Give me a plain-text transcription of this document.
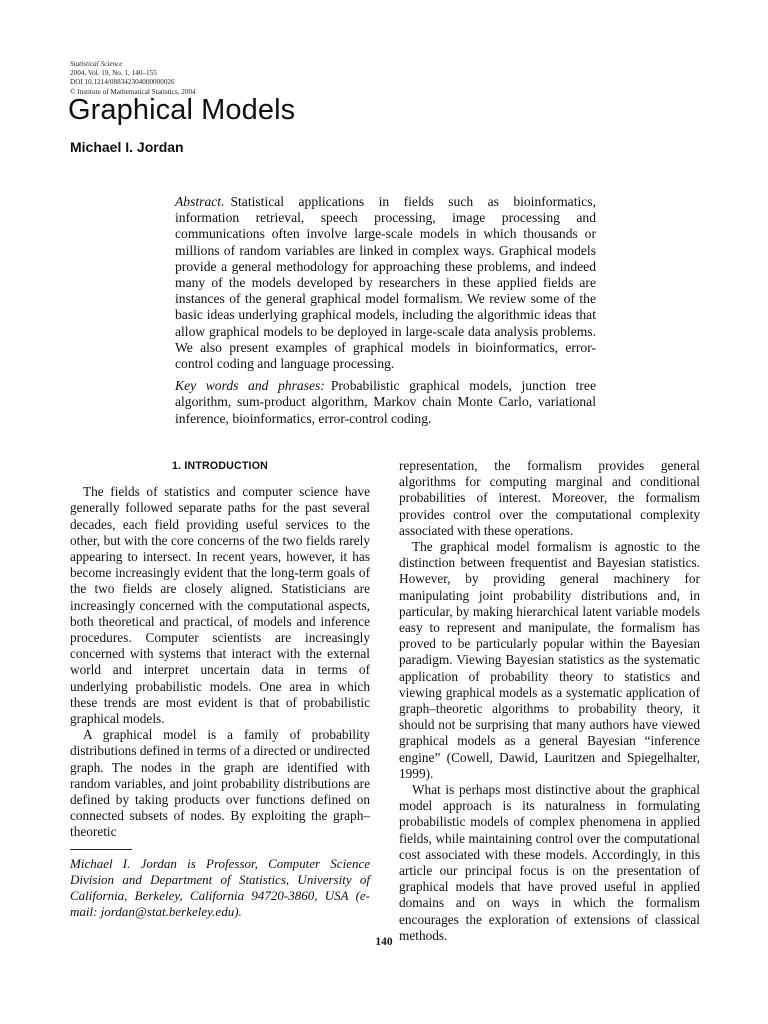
Statistical Science
2004, Vol. 19, No. 1, 140–155
DOI 10.1214/088342304000000026
© Institute of Mathematical Statistics, 2004
Graphical Models
Michael I. Jordan

Abstract. Statistical applications in fields such as bioinformatics, information retrieval, speech processing, image processing and communications often involve large-scale models in which thousands or millions of random variables are linked in complex ways. Graphical models provide a general methodology for approaching these problems, and indeed many of the models developed by researchers in these applied fields are instances of the general graphical model formalism. We review some of the basic ideas underlying graphical models, including the algorithmic ideas that allow graphical models to be deployed in large-scale data analysis problems. We also present examples of graphical models in bioinformatics, error-control coding and language processing.

Key words and phrases: Probabilistic graphical models, junction tree algorithm, sum-product algorithm, Markov chain Monte Carlo, variational inference, bioinformatics, error-control coding.

1. INTRODUCTION

The fields of statistics and computer science have generally followed separate paths for the past several decades, each field providing useful services to the other, but with the core concerns of the two fields rarely appearing to intersect. In recent years, however, it has become increasingly evident that the long-term goals of the two fields are closely aligned. Statisticians are increasingly concerned with the computational aspects, both theoretical and practical, of models and inference procedures. Computer scientists are increasingly concerned with systems that interact with the external world and interpret uncertain data in terms of underlying probabilistic models. One area in which these trends are most evident is that of probabilistic graphical models.

A graphical model is a family of probability distributions defined in terms of a directed or undirected graph. The nodes in the graph are identified with random variables, and joint probability distributions are defined by taking products over functions defined on connected subsets of nodes. By exploiting the graph–theoretic

representation, the formalism provides general algorithms for computing marginal and conditional probabilities of interest. Moreover, the formalism provides control over the computational complexity associated with these operations.

The graphical model formalism is agnostic to the distinction between frequentist and Bayesian statistics. However, by providing general machinery for manipulating joint probability distributions and, in particular, by making hierarchical latent variable models easy to represent and manipulate, the formalism has proved to be particularly popular within the Bayesian paradigm. Viewing Bayesian statistics as the systematic application of probability theory to statistics and viewing graphical models as a systematic application of graph–theoretic algorithms to probability theory, it should not be surprising that many authors have viewed graphical models as a general Bayesian “inference engine” (Cowell, Dawid, Lauritzen and Spiegelhalter, 1999).

What is perhaps most distinctive about the graphical model approach is its naturalness in formulating probabilistic models of complex phenomena in applied fields, while maintaining control over the computational cost associated with these models. Accordingly, in this article our principal focus is on the presentation of graphical models that have proved useful in applied domains and on ways in which the formalism encourages the exploration of extensions of classical methods.

Michael I. Jordan is Professor, Computer Science Division and Department of Statistics, University of California, Berkeley, California 94720-3860, USA (e-mail: jordan@stat.berkeley.edu).
140
